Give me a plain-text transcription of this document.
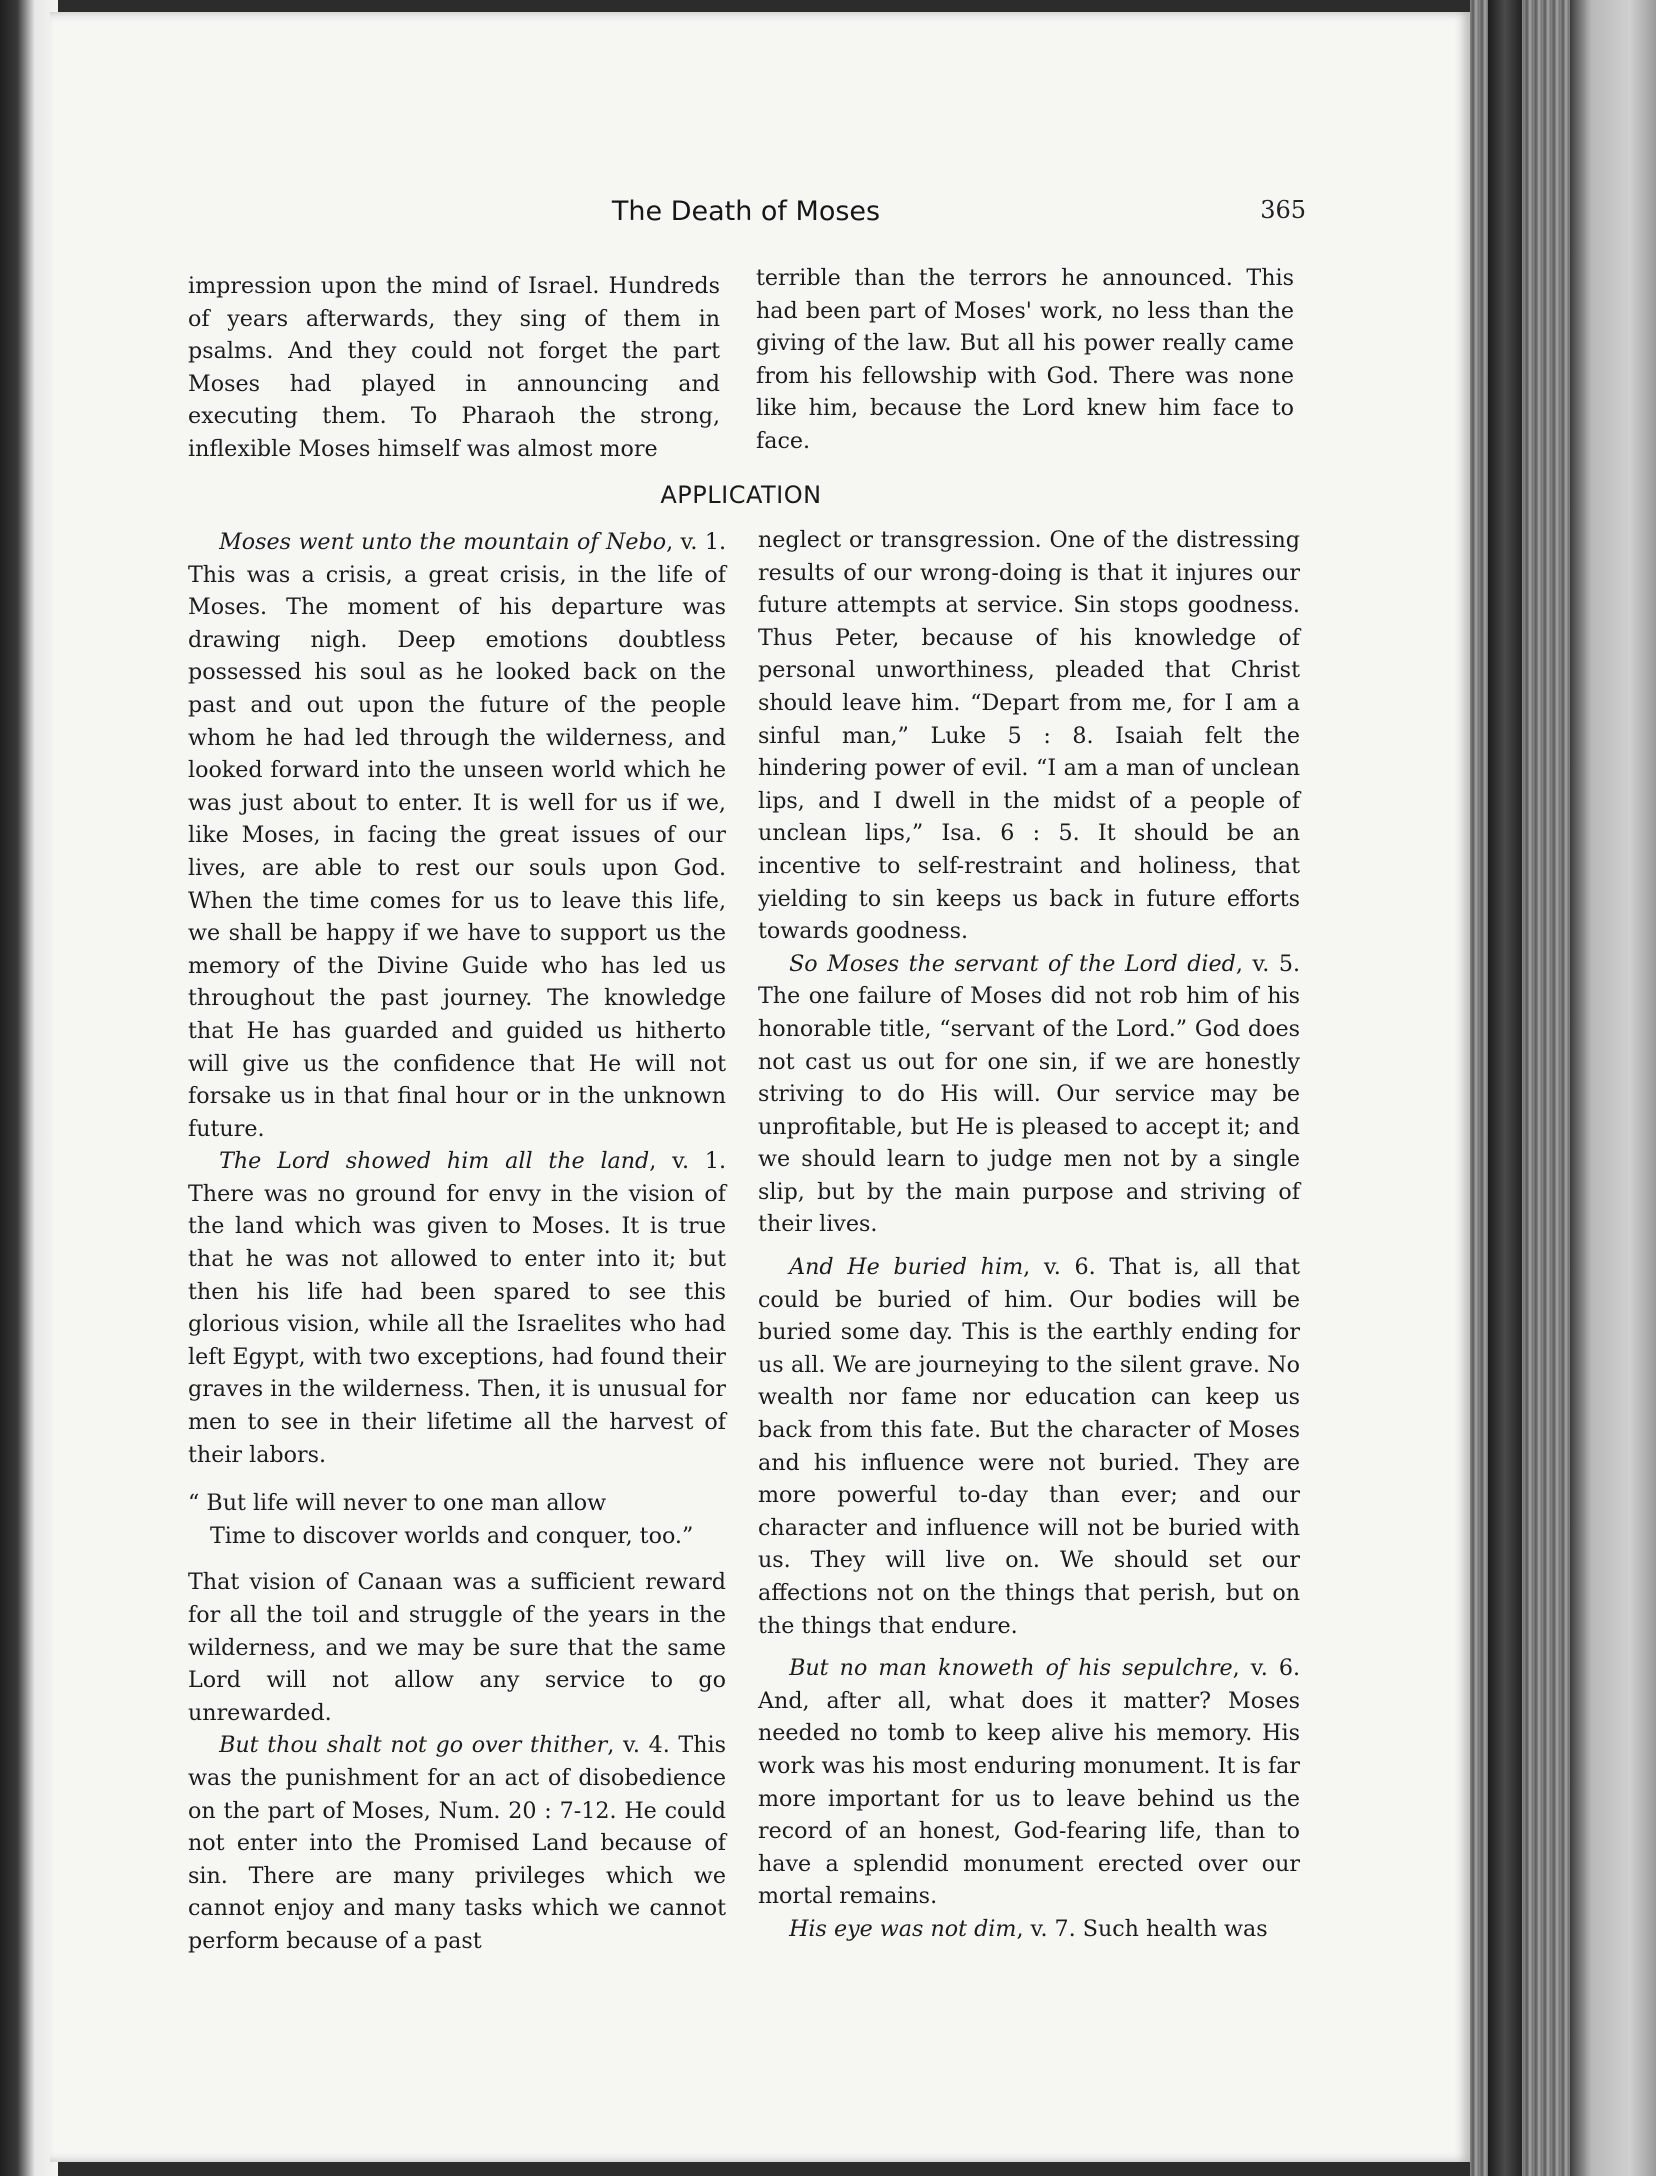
The Death of Moses	365

impression upon the mind of Israel. Hundreds of years afterwards, they sing of them in psalms. And they could not forget the part Moses had played in announcing and executing them. To Pharaoh the strong, inflexible Moses himself was almost more

terrible than the terrors he announced. This had been part of Moses' work, no less than the giving of the law. But all his power really came from his fellowship with God. There was none like him, because the Lord knew him face to face.

APPLICATION

Moses went unto the mountain of Nebo, v. 1. This was a crisis, a great crisis, in the life of Moses. The moment of his departure was drawing nigh. Deep emotions doubtless possessed his soul as he looked back on the past and out upon the future of the people whom he had led through the wilderness, and looked forward into the unseen world which he was just about to enter. It is well for us if we, like Moses, in facing the great issues of our lives, are able to rest our souls upon God. When the time comes for us to leave this life, we shall be happy if we have to support us the memory of the Divine Guide who has led us throughout the past journey. The knowledge that He has guarded and guided us hitherto will give us the confidence that He will not forsake us in that final hour or in the unknown future.

The Lord showed him all the land, v. 1. There was no ground for envy in the vision of the land which was given to Moses. It is true that he was not allowed to enter into it; but then his life had been spared to see this glorious vision, while all the Israelites who had left Egypt, with two exceptions, had found their graves in the wilderness. Then, it is unusual for men to see in their lifetime all the harvest of their labors.

“ But life will never to one man allow
Time to discover worlds and conquer, too.”

That vision of Canaan was a sufficient reward for all the toil and struggle of the years in the wilderness, and we may be sure that the same Lord will not allow any service to go unrewarded.

But thou shalt not go over thither, v. 4. This was the punishment for an act of disobedience on the part of Moses, Num. 20 : 7-12. He could not enter into the Promised Land because of sin. There are many privileges which we cannot enjoy and many tasks which we cannot perform because of a past

neglect or transgression. One of the distressing results of our wrong-doing is that it injures our future attempts at service. Sin stops goodness. Thus Peter, because of his knowledge of personal unworthiness, pleaded that Christ should leave him. “Depart from me, for I am a sinful man,” Luke 5 : 8. Isaiah felt the hindering power of evil. “I am a man of unclean lips, and I dwell in the midst of a people of unclean lips,” Isa. 6 : 5. It should be an incentive to self-restraint and holiness, that yielding to sin keeps us back in future efforts towards goodness.

So Moses the servant of the Lord died, v. 5. The one failure of Moses did not rob him of his honorable title, “servant of the Lord.” God does not cast us out for one sin, if we are honestly striving to do His will. Our service may be unprofitable, but He is pleased to accept it; and we should learn to judge men not by a single slip, but by the main purpose and striving of their lives.

And He buried him, v. 6. That is, all that could be buried of him. Our bodies will be buried some day. This is the earthly ending for us all. We are journeying to the silent grave. No wealth nor fame nor education can keep us back from this fate. But the character of Moses and his influence were not buried. They are more powerful to-day than ever; and our character and influence will not be buried with us. They will live on. We should set our affections not on the things that perish, but on the things that endure.

But no man knoweth of his sepulchre, v. 6. And, after all, what does it matter? Moses needed no tomb to keep alive his memory. His work was his most enduring monument. It is far more important for us to leave behind us the record of an honest, God-fearing life, than to have a splendid monument erected over our mortal remains.

His eye was not dim, v. 7. Such health was
